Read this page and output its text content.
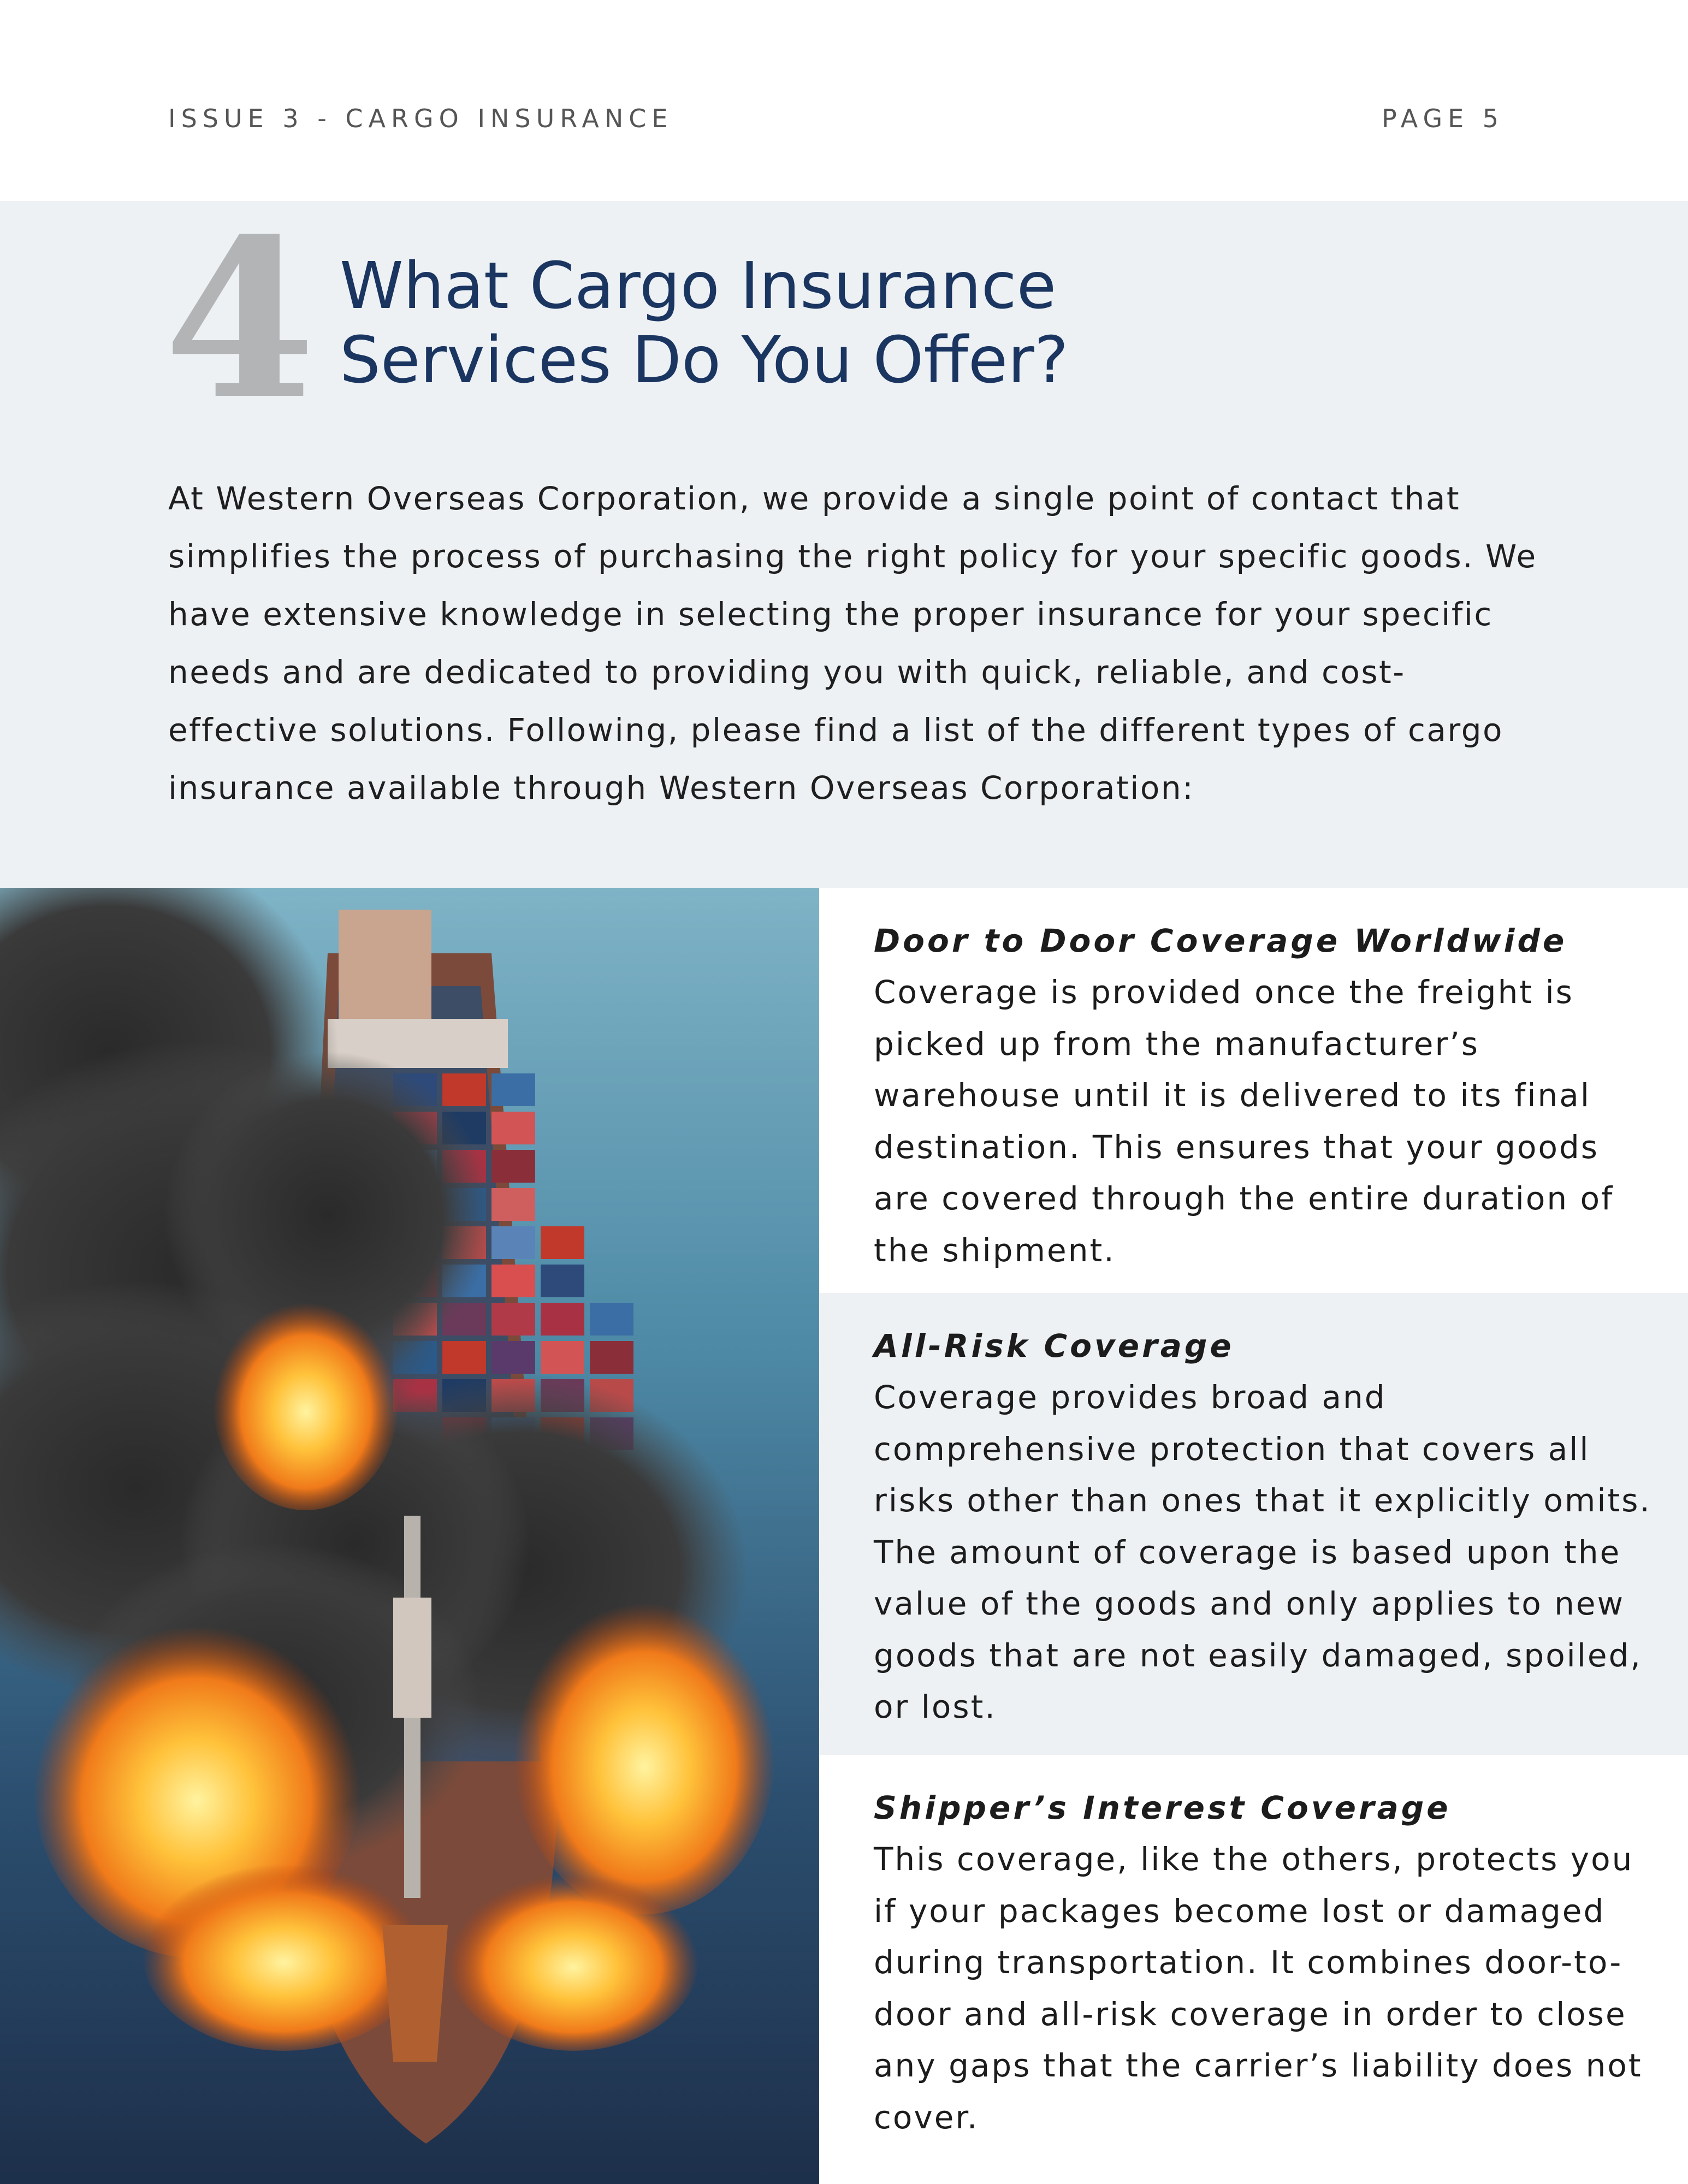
ISSUE 3 - CARGO INSURANCE	PAGE 5
4 What Cargo Insurance
Services Do You Offer?

At Western Overseas Corporation, we provide a single point of contact that simplifies the process of purchasing the right policy for your specific goods. We have extensive knowledge in selecting the proper insurance for your specific needs and are dedicated to providing you with quick, reliable, and cost-effective solutions. Following, please find a list of the different types of cargo insurance available through Western Overseas Corporation:

Door to Door Coverage Worldwide

Coverage is provided once the freight is picked up from the manufacturer’s warehouse until it is delivered to its final destination. This ensures that your goods are covered through the entire duration of the shipment.

All-Risk Coverage

Coverage provides broad and comprehensive protection that covers all risks other than ones that it explicitly omits. The amount of coverage is based upon the value of the goods and only applies to new goods that are not easily damaged, spoiled, or lost.

Shipper’s Interest Coverage

This coverage, like the others, protects you if your packages become lost or damaged during transportation. It combines door-to-door and all-risk coverage in order to close any gaps that the carrier’s liability does not cover.
